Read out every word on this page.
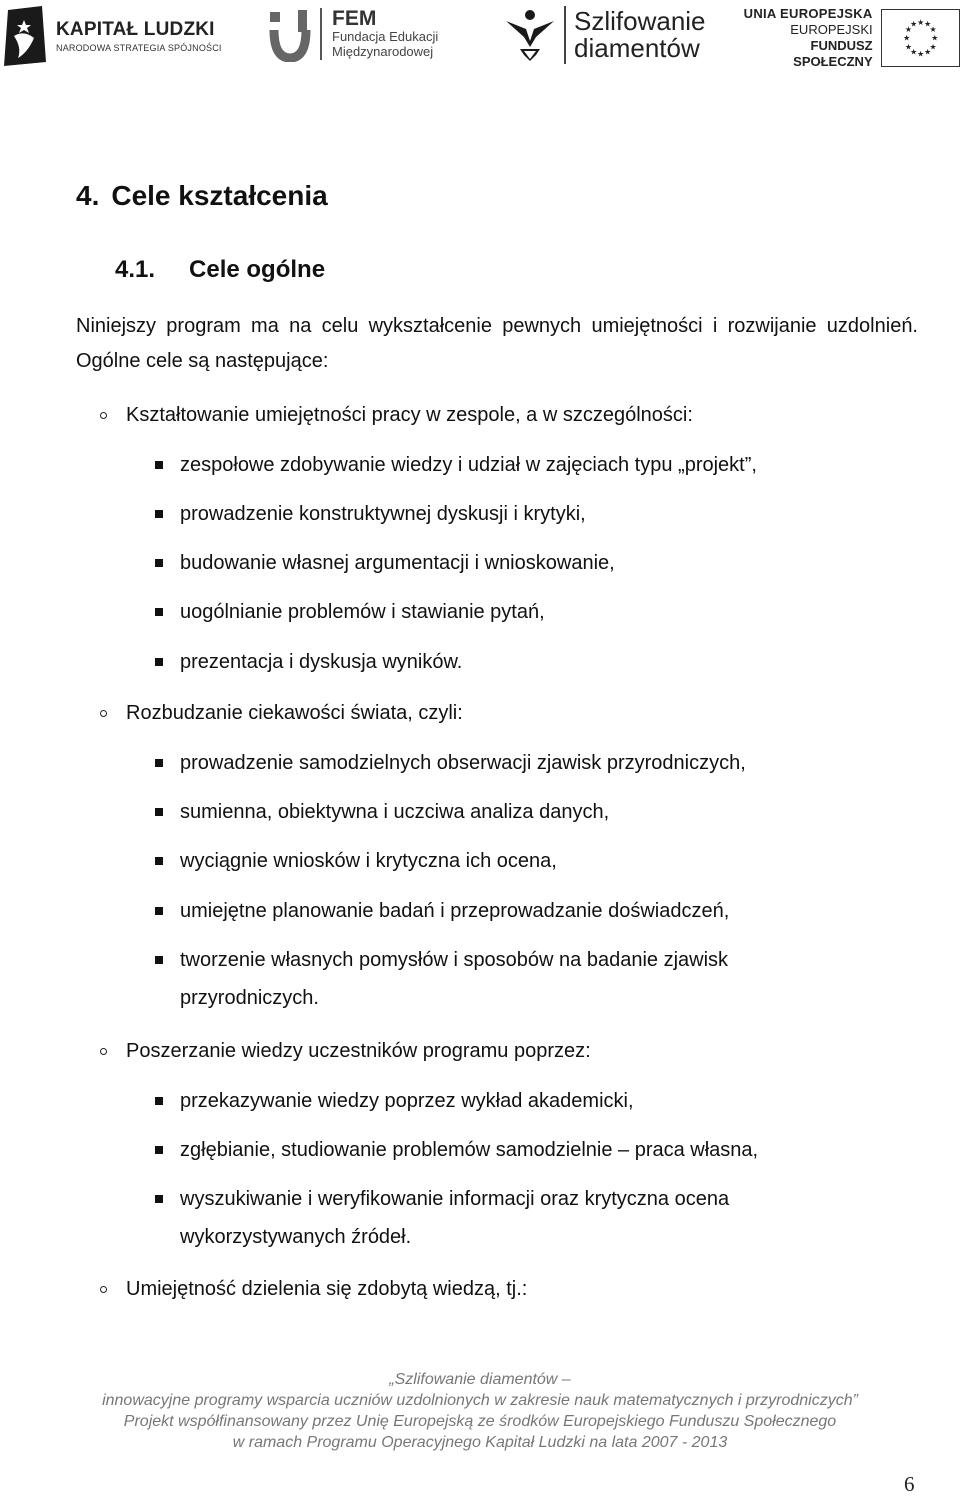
KAPITAŁ LUDZKI
NARODOWA STRATEGIA SPÓJNOŚCI
FEM
Fundacja Edukacji
Międzynarodowej
Szlifowanie
diamentów
UNIA EUROPEJSKA
EUROPEJSKI
FUNDUSZ SPOŁECZNY
★ ★
★
★
★
★
★
★
★
★
★
★
4. Cele kształcenia
4.1. Cele ogólne
Niniejszy program ma na celu wykształcenie pewnych umiejętności i rozwijanie uzdolnień. Ogólne cele są następujące:
Kształtowanie umiejętności pracy w zespole, a w szczególności:
zespołowe zdobywanie wiedzy i udział w zajęciach typu „projekt”,
prowadzenie konstruktywnej dyskusji i krytyki,
budowanie własnej argumentacji i wnioskowanie,
uogólnianie problemów i stawianie pytań,
prezentacja i dyskusja wyników.
Rozbudzanie ciekawości świata, czyli:
prowadzenie samodzielnych obserwacji zjawisk przyrodniczych,
sumienna, obiektywna i uczciwa analiza danych,
wyciągnie wniosków i krytyczna ich ocena,
umiejętne planowanie badań i przeprowadzanie doświadczeń,
tworzenie własnych pomysłów i sposobów na badanie zjawisk
przyrodniczych.
Poszerzanie wiedzy uczestników programu poprzez:
przekazywanie wiedzy poprzez wykład akademicki,
zgłębianie, studiowanie problemów samodzielnie – praca własna,
wyszukiwanie i weryfikowanie informacji oraz krytyczna ocena
wykorzystywanych źródeł.
Umiejętność dzielenia się zdobytą wiedzą, tj.:
„Szlifowanie diamentów –
innowacyjne programy wsparcia uczniów uzdolnionych w zakresie nauk matematycznych i przyrodniczych”
Projekt współfinansowany przez Unię Europejską ze środków Europejskiego Funduszu Społecznego
w ramach Programu Operacyjnego Kapitał Ludzki na lata 2007 - 2013
6
